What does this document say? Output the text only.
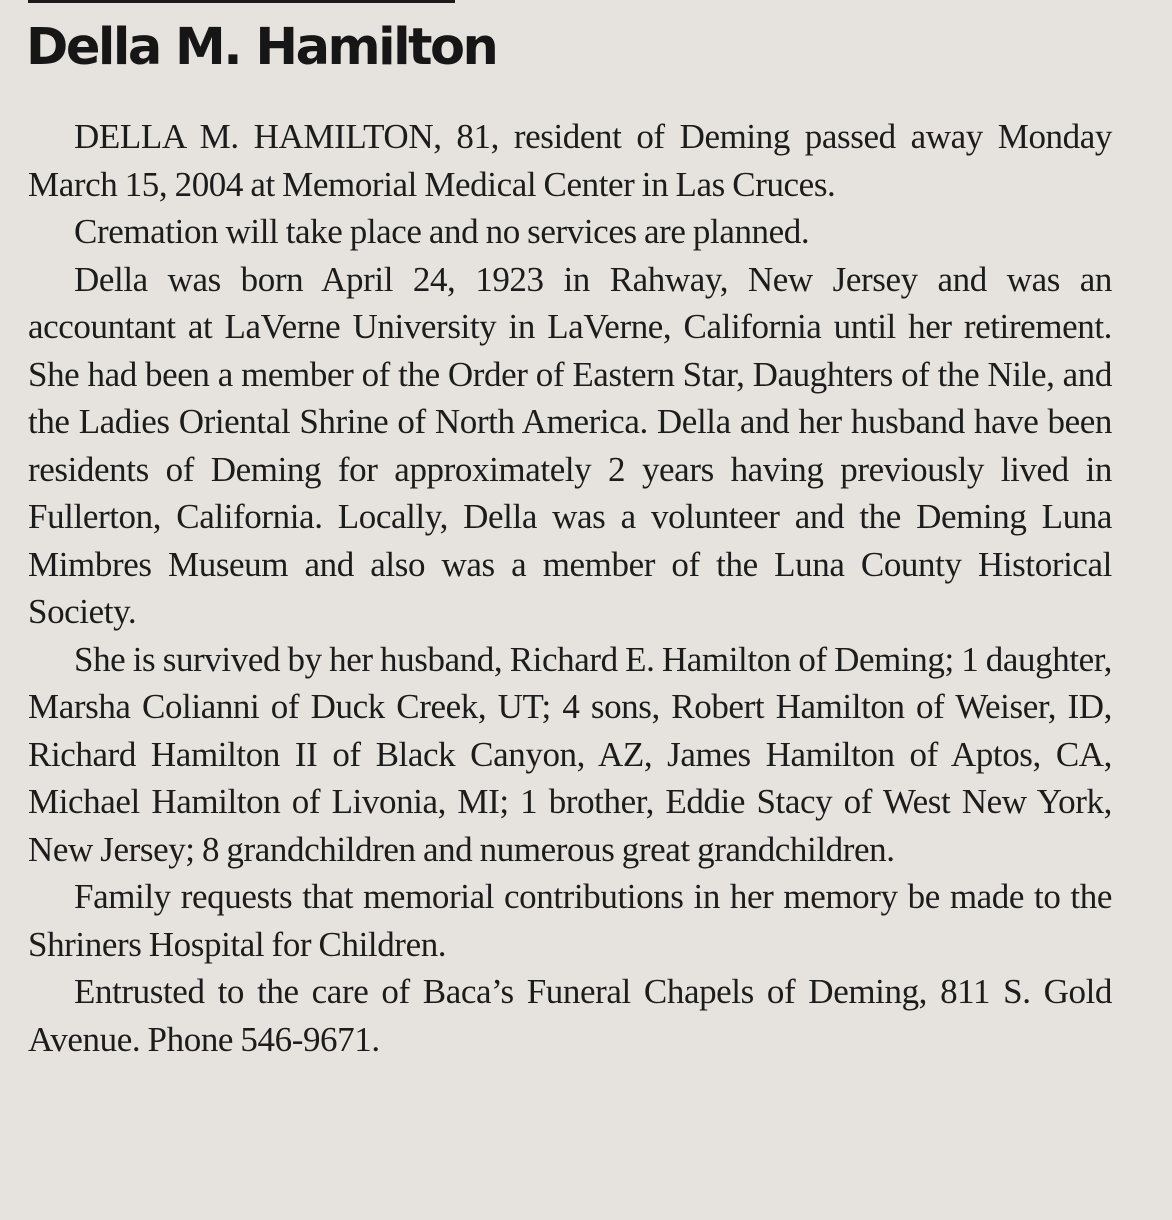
Della M. Hamilton

DELLA M. HAMILTON, 81, resident of Deming passed away Monday March 15, 2004 at Memorial Medical Center in Las Cruces.

Cremation will take place and no services are planned.

Della was born April 24, 1923 in Rahway, New Jersey and was an accountant at LaVerne University in LaVerne, California until her retirement. She had been a member of the Order of Eastern Star, Daughters of the Nile, and the Ladies Oriental Shrine of North America. Della and her husband have been residents of Deming for approximately 2 years having previously lived in Fullerton, California. Locally, Della was a volunteer and the Deming Luna Mimbres Museum and also was a member of the Luna County Historical Society.

She is survived by her husband, Richard E. Hamilton of Deming; 1 daughter, Marsha Colianni of Duck Creek, UT; 4 sons, Robert Hamilton of Weiser, ID, Richard Hamilton II of Black Canyon, AZ, James Hamilton of Aptos, CA, Michael Hamilton of Livonia, MI; 1 brother, Eddie Stacy of West New York, New Jersey; 8 grandchildren and numerous great grandchildren.

Family requests that memorial contributions in her memory be made to the Shriners Hospital for Children.

Entrusted to the care of Baca’s Funeral Chapels of Deming, 811 S. Gold Avenue. Phone 546-9671.
